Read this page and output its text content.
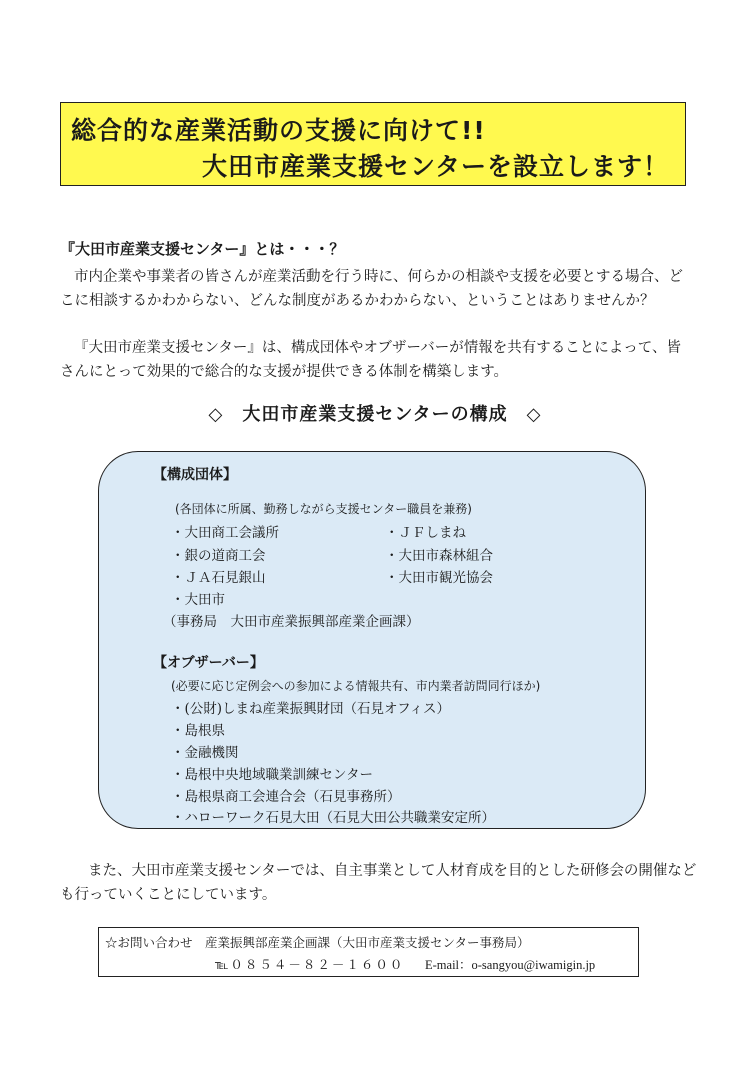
総合的な産業活動の支援に向けて!!
大田市産業支援センターを設立します！
『大田市産業支援センター』とは・・・？

市内企業や事業者の皆さんが産業活動を行う時に、何らかの相談や支援を必要とする場合、どこに相談するかわからない、どんな制度があるかわからない、ということはありませんか？

『大田市産業支援センター』は、構成団体やオブザーバーが情報を共有することによって、皆さんにとって効果的で総合的な支援が提供できる体制を構築します。

◇　大田市産業支援センターの構成　◇
【構成団体】
(各団体に所属、勤務しながら支援センター職員を兼務)
・大田商工会議所
・銀の道商工会
・ＪＡ石見銀山
・大田市
・ＪＦしまね
・大田市森林組合
・大田市観光協会
（事務局　大田市産業振興部産業企画課）
【オブザーバー】
(必要に応じ定例会への参加による情報共有、市内業者訪問同行ほか)
・(公財)しまね産業振興財団（石見オフィス）
・島根県
・金融機関
・島根中央地域職業訓練センター
・島根県商工会連合会（石見事務所）
・ハローワーク石見大田（石見大田公共職業安定所）

また、大田市産業支援センターでは、自主事業として人材育成を目的とした研修会の開催なども行っていくことにしています。

☆お問い合わせ　産業振興部産業企画課（大田市産業支援センター事務局）
℡０８５４－８２－１６００ E-mail：o-sangyou@iwamigin.jp
